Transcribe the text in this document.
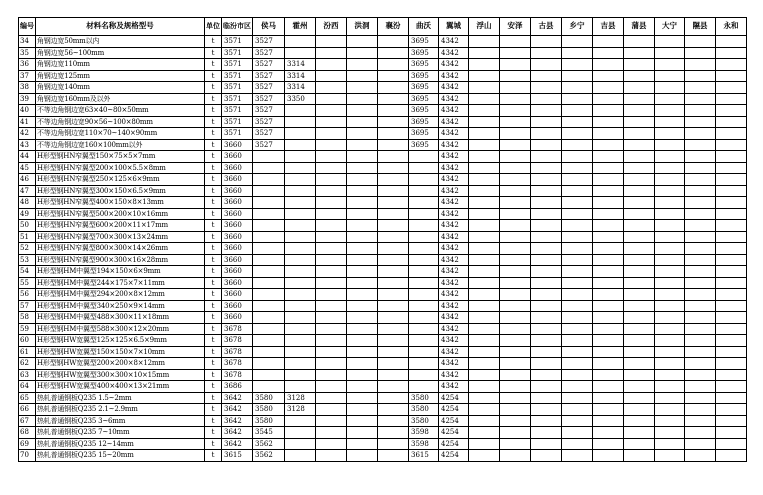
编号	材料名称及规格型号	单位	临汾市区	侯马	霍州	汾西	洪洞	襄汾	曲沃	翼城	浮山	安泽	古县	乡宁	吉县	蒲县	大宁	隰县	永和
34	角钢边宽50mm以内	t	3571	3527					3695	4342									
35	角钢边宽56~100mm	t	3571	3527					3695	4342									
36	角钢边宽110mm	t	3571	3527	3314				3695	4342									
37	角钢边宽125mm	t	3571	3527	3314				3695	4342									
38	角钢边宽140mm	t	3571	3527	3314				3695	4342									
39	角钢边宽160mm及以外	t	3571	3527	3350				3695	4342									
40	不等边角钢边宽63×40~80×50mm	t	3571	3527					3695	4342									
41	不等边角钢边宽90×56~100×80mm	t	3571	3527					3695	4342									
42	不等边角钢边宽110×70~140×90mm	t	3571	3527					3695	4342									
43	不等边角钢边宽160×100mm以外	t	3660	3527					3695	4342									
44	H形型钢HN窄翼型150×75×5×7mm	t	3660							4342									
45	H形型钢HN窄翼型200×100×5.5×8mm	t	3660							4342									
46	H形型钢HN窄翼型250×125×6×9mm	t	3660							4342									
47	H形型钢HN窄翼型300×150×6.5×9mm	t	3660							4342									
48	H形型钢HN窄翼型400×150×8×13mm	t	3660							4342									
49	H形型钢HN窄翼型500×200×10×16mm	t	3660							4342									
50	H形型钢HN窄翼型600×200×11×17mm	t	3660							4342									
51	H形型钢HN窄翼型700×300×13×24mm	t	3660							4342									
52	H形型钢HN窄翼型800×300×14×26mm	t	3660							4342									
53	H形型钢HN窄翼型900×300×16×28mm	t	3660							4342									
54	H形型钢HM中翼型194×150×6×9mm	t	3660							4342									
55	H形型钢HM中翼型244×175×7×11mm	t	3660							4342									
56	H形型钢HM中翼型294×200×8×12mm	t	3660							4342									
57	H形型钢HM中翼型340×250×9×14mm	t	3660							4342									
58	H形型钢HM中翼型488×300×11×18mm	t	3660							4342									
59	H形型钢HM中翼型588×300×12×20mm	t	3678							4342									
60	H形型钢HW宽翼型125×125×6.5×9mm	t	3678							4342									
61	H形型钢HW宽翼型150×150×7×10mm	t	3678							4342									
62	H形型钢HW宽翼型200×200×8×12mm	t	3678							4342									
63	H形型钢HW宽翼型300×300×10×15mm	t	3678							4342									
64	H形型钢HW宽翼型400×400×13×21mm	t	3686							4342									
65	热轧普通钢板Q235 1.5~2mm	t	3642	3580	3128				3580	4254									
66	热轧普通钢板Q235 2.1~2.9mm	t	3642	3580	3128				3580	4254									
67	热轧普通钢板Q235 3~6mm	t	3642	3580					3580	4254									
68	热轧普通钢板Q235 7~10mm	t	3642	3545					3598	4254									
69	热轧普通钢板Q235 12~14mm	t	3642	3562					3598	4254									
70	热轧普通钢板Q235 15~20mm	t	3615	3562					3615	4254									
